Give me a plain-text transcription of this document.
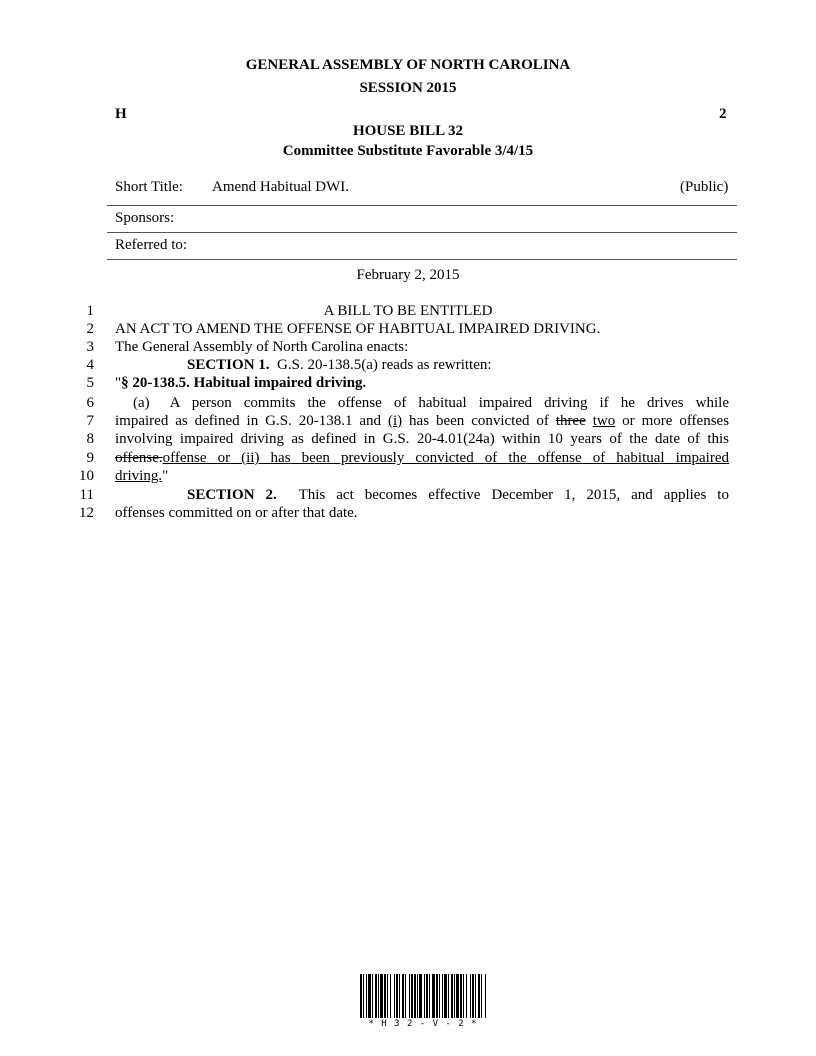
GENERAL ASSEMBLY OF NORTH CAROLINA
SESSION 2015
H	2
HOUSE BILL 32
Committee Substitute Favorable 3/4/15
Short Title: Amend Habitual DWI.	(Public)
Sponsors:
Referred to:
February 2, 2015
1
2
3
4
5
6
7
8
9
10
11
12
A BILL TO BE ENTITLED
AN ACT TO AMEND THE OFFENSE OF HABITUAL IMPAIRED DRIVING.
The General Assembly of North Carolina enacts:
SECTION 1. G.S. 20-138.5(a) reads as rewritten:
"§ 20-138.5. Habitual impaired driving.
(a) A person commits the offense of habitual impaired driving if he drives while
impaired as defined in G.S. 20-138.1 and (i) has been convicted of three two or more offenses
involving impaired driving as defined in G.S. 20-4.01(24a) within 10 years of the date of this
offense.offense or (ii) has been previously convicted of the offense of habitual impaired
driving."
SECTION 2. This act becomes effective December 1, 2015, and applies to
offenses committed on or after that date.
* H 3 2 - V - 2 *
